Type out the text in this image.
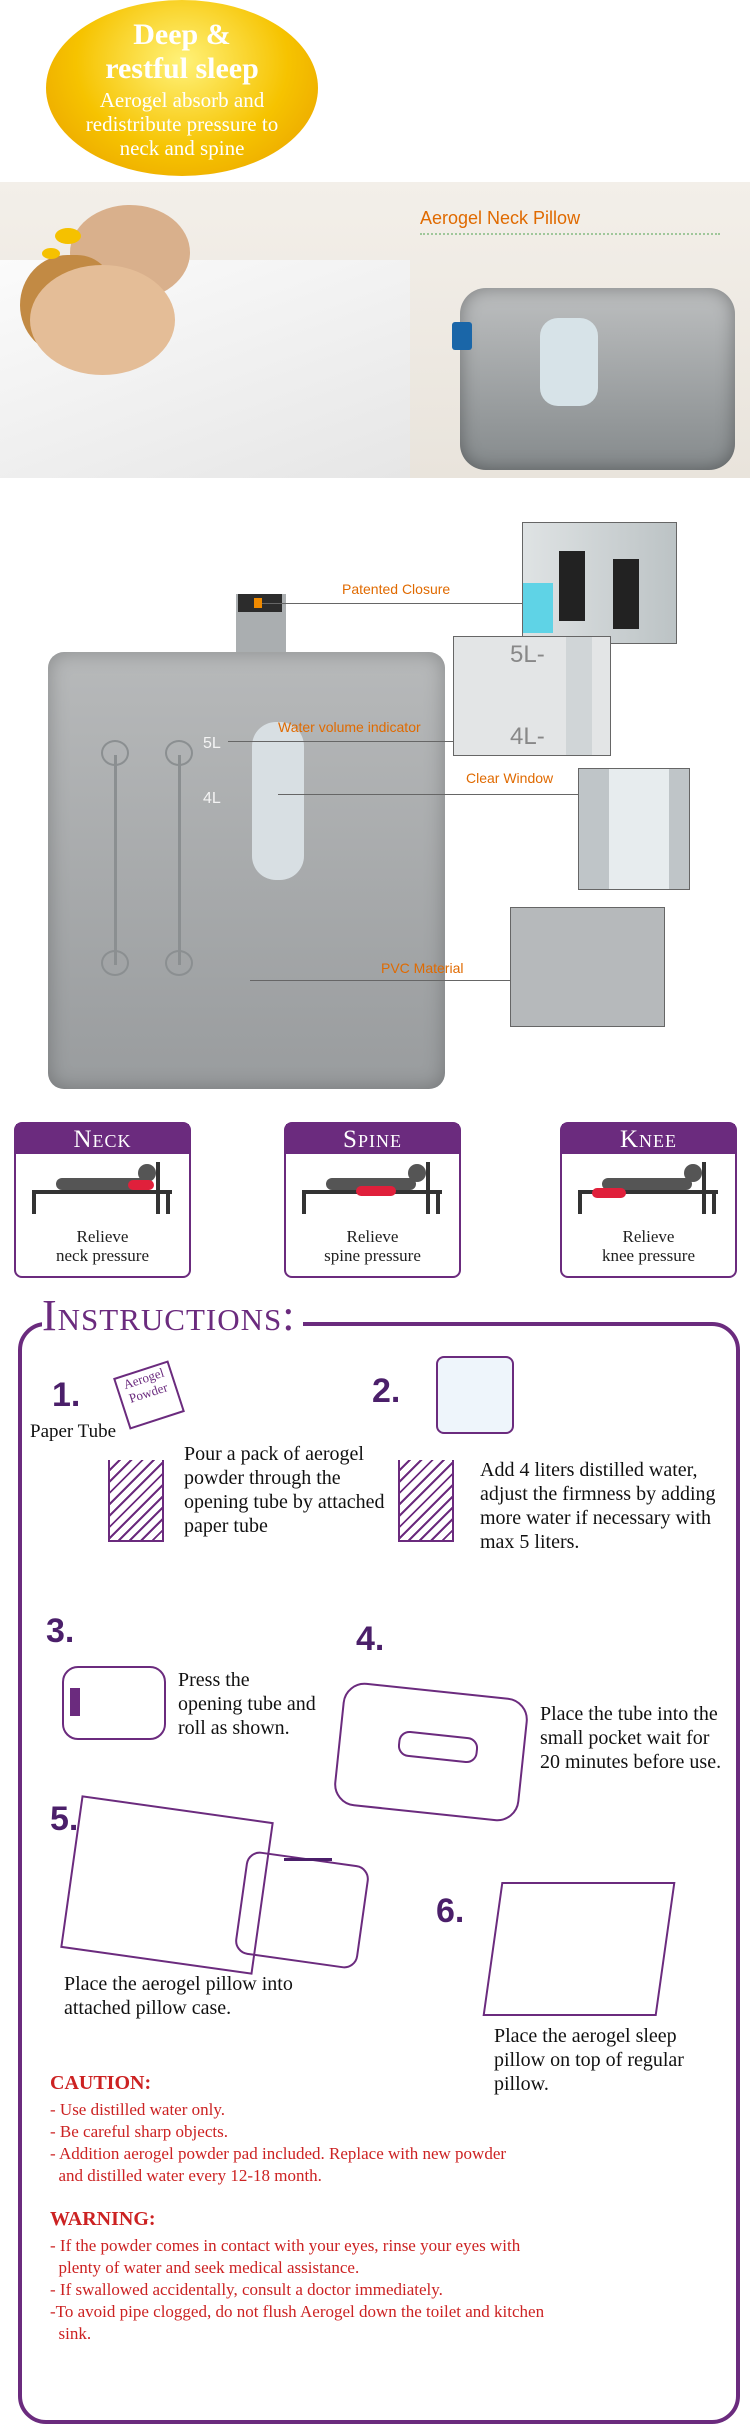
Deep &
restful sleep

Aerogel absorb and redistribute pressure to neck and spine

Aerogel Neck Pillow
5L
4L
Patented Closure
Water volume indicator
Clear Window
PVC Material
5L-
4L-
Neck
Relieve
neck pressure
Spine
Relieve
spine pressure
Knee
Relieve
knee pressure
Instructions:
1.
Paper Tube
Aerogel Powder
Pour a pack of aerogel powder through the opening tube by attached paper tube
2.
Add 4 liters distilled water, adjust the firmness by adding more water if necessary with max 5 liters.
3.
Press the opening tube and roll as shown.
4.
Place the tube into the small pocket wait for 20 minutes before use.
5.
Place the aerogel pillow into attached pillow case.
6.
Place the aerogel sleep pillow on top of regular pillow.
CAUTION:
- Use distilled water only.
- Be careful sharp objects.
- Addition aerogel powder pad included. Replace with new powder
and distilled water every 12-18 month.
WARNING:
- If the powder comes in contact with your eyes, rinse your eyes with
plenty of water and seek medical assistance.
- If swallowed accidentally, consult a doctor immediately.
-To avoid pipe clogged, do not flush Aerogel down the toilet and kitchen
sink.
